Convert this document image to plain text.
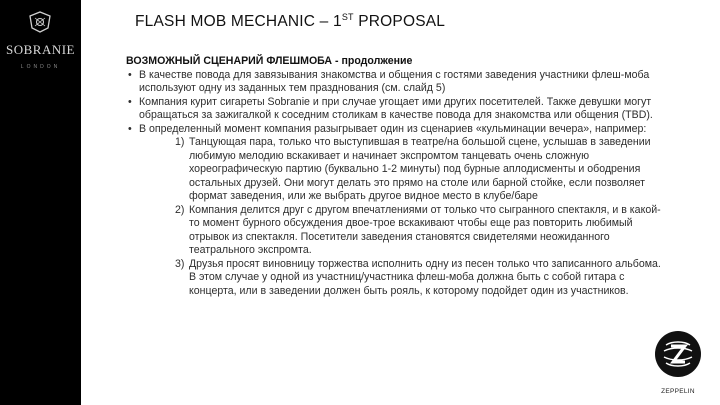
SOBRANIE
LONDON
FLASH MOB MECHANIC – 1ST PROPOSAL
ВОЗМОЖНЫЙ СЦЕНАРИЙ ФЛЕШМОБА - продолжение
• В качестве повода для завязывания знакомства и общения с гостями заведения участники флеш-моба используют одну из заданных тем празднования (см. слайд 5)
• Компания курит сигареты Sobranie и при случае угощает ими других посетителей. Также девушки могут обращаться за зажигалкой к соседним столикам в качестве повода для знакомства или общения (TBD).
• В определенный момент компания разыгрывает один из сценариев «кульминации вечера», например:
1) Танцующая пара, только что выступившая в театре/на большой сцене, услышав в заведении любимую мелодию вскакивает и начинает экспромтом танцевать очень сложную хореографическую партию (буквально 1-2 минуты) под бурные аплодисменты и ободрения остальных друзей. Они могут делать это прямо на столе или барной стойке, если позволяет формат заведения, или же выбрать другое видное место в клубе/баре
2) Компания делится друг с другом впечатлениями от только что сыгранного спектакля, и в какой-то момент бурного обсуждения двое-трое вскакивают чтобы еще раз повторить любимый отрывок из спектакля. Посетители заведения становятся свидетелями неожиданного театрального экспромта.
3) Друзья просят виновницу торжества исполнить одну из песен только что записанного альбома. В этом случае у одной из участниц/участника флеш-моба должна быть с собой гитара с концерта, или в заведении должен быть рояль, к которому подойдет один из участников.
ZEPPELIN
